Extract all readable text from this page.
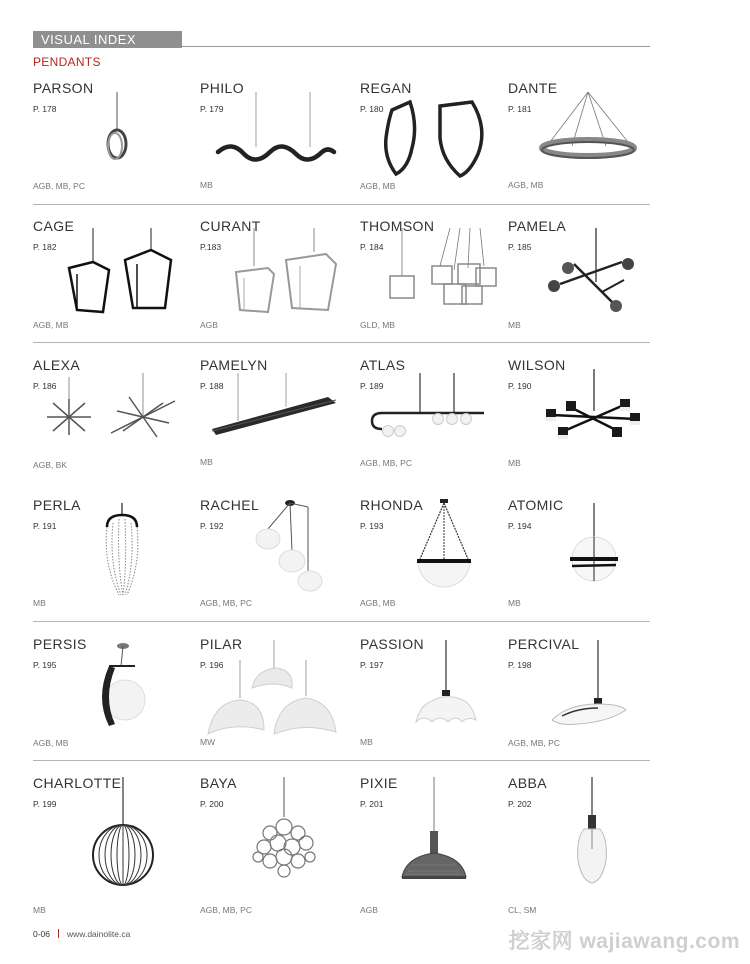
VISUAL INDEX
PENDANTS
PARSON
P. 178
AGB, MB, PC
PHILO
P. 179
MB
REGAN
P. 180
AGB, MB
DANTE
P. 181
AGB, MB
CAGE
P. 182
AGB, MB
CURANT
P.183
AGB
THOMSON
P. 184
GLD, MB
PAMELA
P. 185
MB
ALEXA
P. 186
AGB, BK
PAMELYN
P. 188
MB
ATLAS
P. 189
AGB, MB, PC
WILSON
P. 190
MB
PERLA
P. 191
MB
RACHEL
P. 192
AGB, MB, PC
RHONDA
P. 193
AGB, MB
ATOMIC
P. 194
MB
PERSIS
P. 195
AGB, MB
PILAR
P. 196
MW
PASSION
P. 197
MB
PERCIVAL
P. 198
AGB, MB, PC
CHARLOTTE
P. 199
MB
BAYA
P. 200
AGB, MB, PC
PIXIE
P. 201
AGB
ABBA
P. 202
CL, SM
0-06 www.dainolite.ca	挖家网 wajiawang.com
